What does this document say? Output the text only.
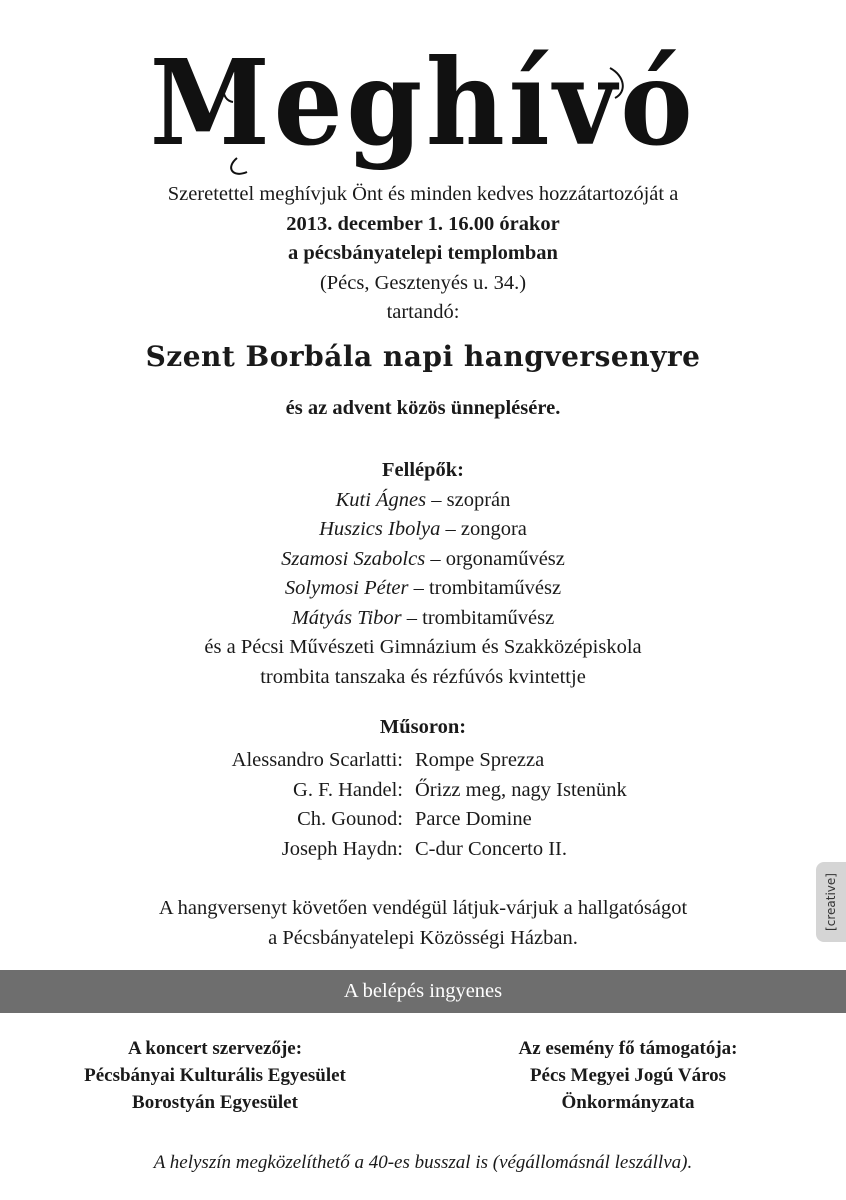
Meghívó
Szeretettel meghívjuk Önt és minden kedves hozzátartozóját a
2013. december 1. 16.00 órakor
a pécsbányatelepi templomban
(Pécs, Gesztenyés u. 34.)
tartandó:
Szent Borbála napi hangversenyre
és az advent közös ünneplésére.
Fellépők:
Kuti Ágnes – szoprán
Huszics Ibolya – zongora
Szamosi Szabolcs – orgonaművész
Solymosi Péter – trombitaművész
Mátyás Tibor – trombitaművész
és a Pécsi Művészeti Gimnázium és Szakközépiskola
trombita tanszaka és rézfúvós kvintettje
Műsoron:
Alessandro Scarlatti: Rompe Sprezza
G. F. Handel: Őrizz meg, nagy Istenünk
Ch. Gounod: Parce Domine
Joseph Haydn: C-dur Concerto II.
A hangversenyt követően vendégül látjuk-várjuk a hallgatóságot
a Pécsbányatelepi Közösségi Házban.
[creative]
A belépés ingyenes
A koncert szervezője:
Pécsbányai Kulturális Egyesület
Borostyán Egyesület
Az esemény fő támogatója:
Pécs Megyei Jogú Város
Önkormányzata
A helyszín megközelíthető a 40-es busszal is (végállomásnál leszállva).
